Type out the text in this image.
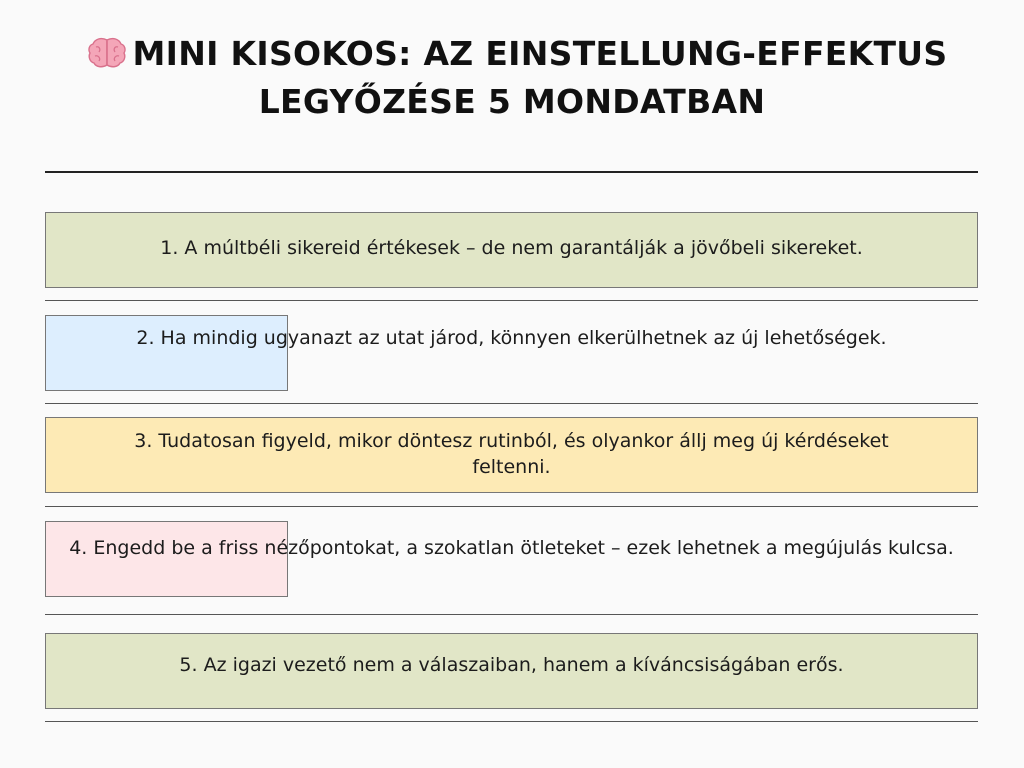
MINI KISOKOS: AZ EINSTELLUNG-EFFEKTUS
LEGYŐZÉSE 5 MONDATBAN
1. A múltbéli sikereid értékesek – de nem garantálják a jövőbeli sikereket.
2. Ha mindig ugyanazt az utat járod, könnyen elkerülhetnek az új lehetőségek.
3. Tudatosan figyeld, mikor döntesz rutinból, és olyankor állj meg új kérdéseket feltenni.
4. Engedd be a friss nézőpontokat, a szokatlan ötleteket – ezek lehetnek a megújulás kulcsa.
5. Az igazi vezető nem a válaszaiban, hanem a kíváncsiságában erős.
